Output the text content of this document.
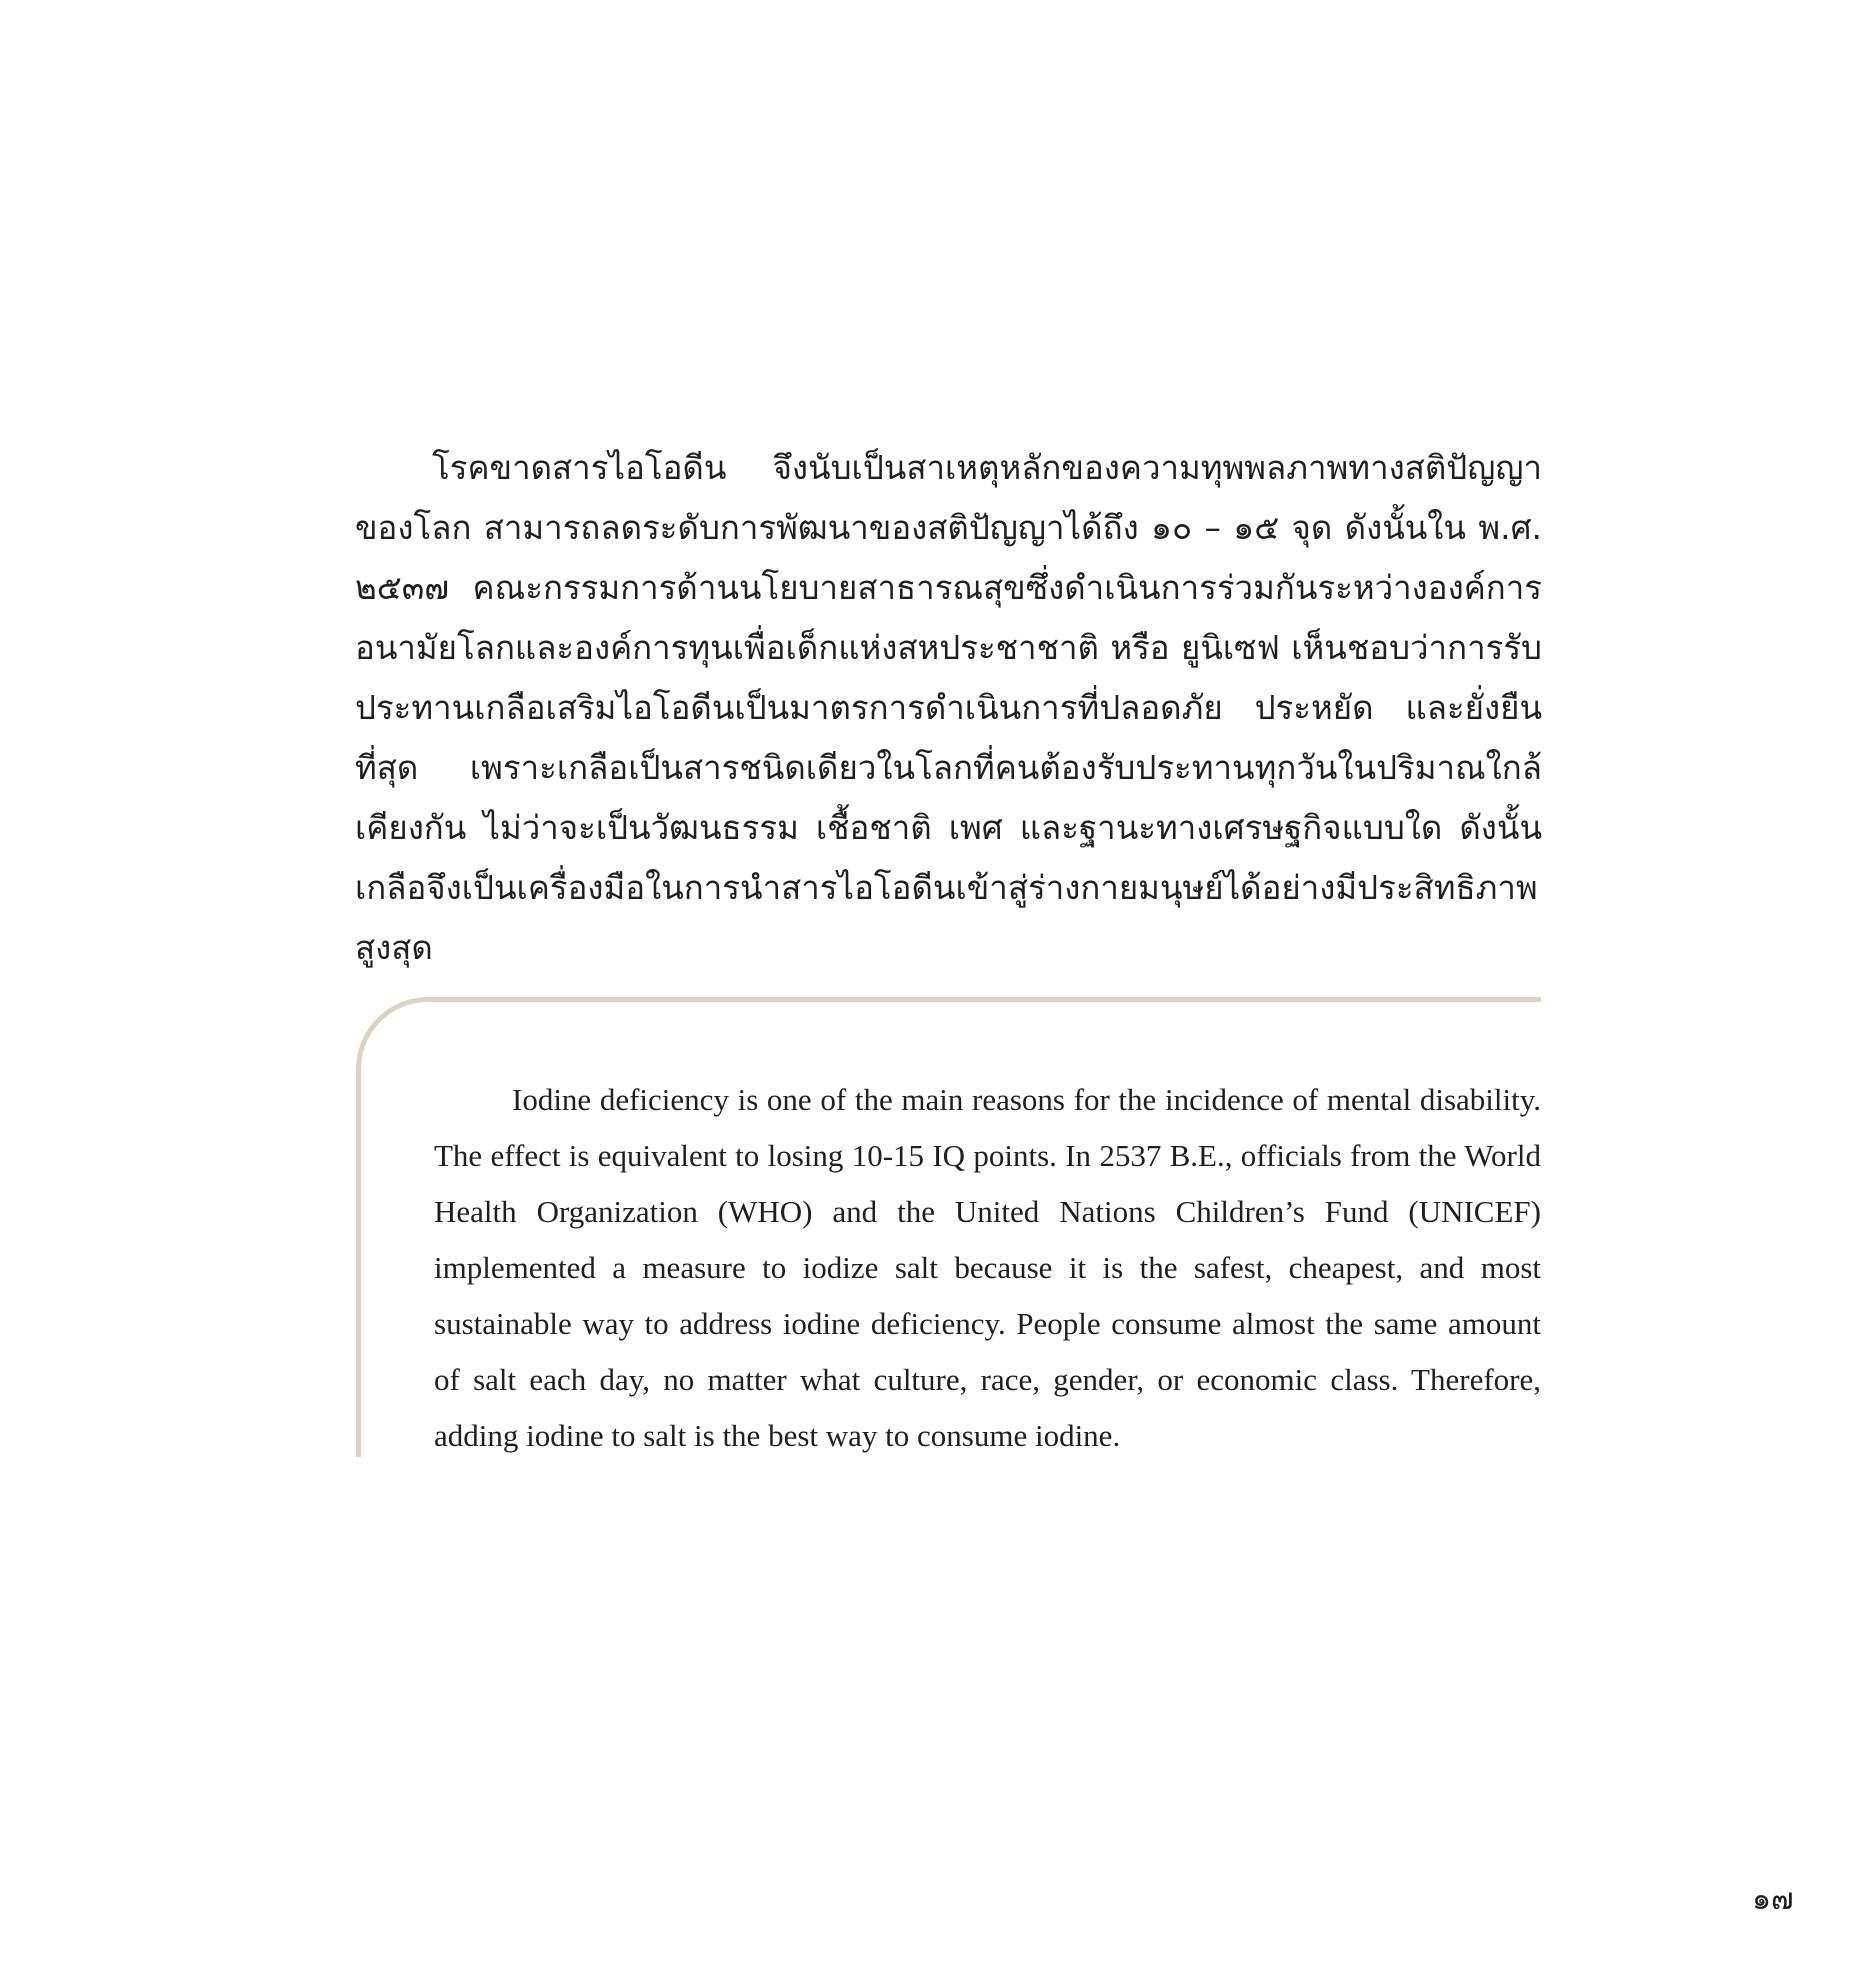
โรคขาดสารไอโอดีน จึงนับเป็นสาเหตุหลักของความทุพพลภาพทางสติปัญญาของโลก สามารถลดระดับการพัฒนาของสติปัญญาได้ถึง ๑๐ – ๑๕ จุด ดังนั้นใน พ.ศ. ๒๕๓๗ คณะกรรมการด้านนโยบายสาธารณสุขซึ่งดำเนินการร่วมกันระหว่างองค์การอนามัยโลกและองค์การทุนเพื่อเด็กแห่งสหประชาชาติ หรือ ยูนิเซฟ เห็นชอบว่าการรับประทานเกลือเสริมไอโอดีนเป็นมาตรการดำเนินการที่ปลอดภัย ประหยัด และยั่งยืนที่สุด เพราะเกลือเป็นสารชนิดเดียวในโลกที่คนต้องรับประทานทุกวันในปริมาณใกล้เคียงกัน ไม่ว่าจะเป็นวัฒนธรรม เชื้อชาติ เพศ และฐานะทางเศรษฐกิจแบบใด ดังนั้นเกลือจึงเป็นเครื่องมือในการนำสารไอโอดีนเข้าสู่ร่างกายมนุษย์ได้อย่างมีประสิทธิภาพสูงสุด

Iodine deficiency is one of the main reasons for the incidence of mental disability. The effect is equivalent to losing 10-15 IQ points. In 2537 B.E., officials from the World Health Organization (WHO) and the United Nations Children’s Fund (UNICEF) implemented a measure to iodize salt because it is the safest, cheapest, and most sustainable way to address iodine deficiency. People consume almost the same amount of salt each day, no matter what culture, race, gender, or economic class. Therefore, adding iodine to salt is the best way to consume iodine.

๑๗
